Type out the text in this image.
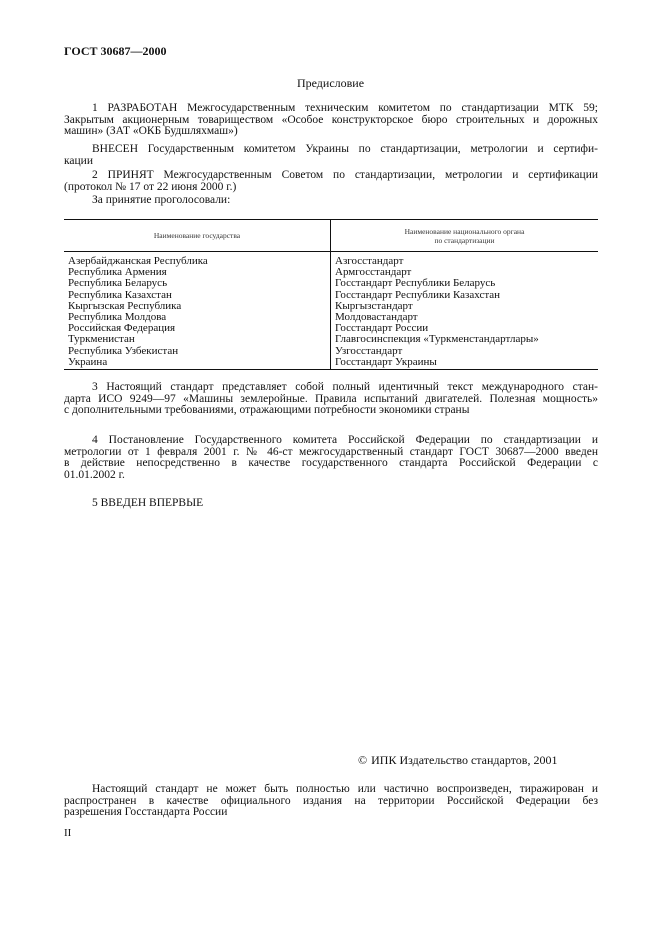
ГОСТ 30687—2000
Предисловие

1 РАЗРАБОТАН Межгосударственным техническим комитетом по стандартизации МТК 59;

Закрытым акционерным товариществом «Особое конструкторское бюро строительных и дорожных
машин» (ЗАТ «ОКБ Будшляхмаш»)

ВНЕСЕН Государственным комитетом Украины по стандартизации, метрологии и сертифи-

кации

2 ПРИНЯТ Межгосударственным Советом по стандартизации, метрологии и сертификации

(протокол № 17 от 22 июня 2000 г.)
За принятие проголосовали:
Наименование государства	Наименование национального органа
по стандартизации
Азербайджанская Республика	Азгосстандарт
Республика Армения	Армгосстандарт
Республика Беларусь	Госстандарт Республики Беларусь
Республика Казахстан	Госстандарт Республики Казахстан
Кыргызская Республика	Кыргызстандарт
Республика Молдова	Молдовастандарт
Российская Федерация	Госстандарт России
Туркменистан	Главгосинспекция «Туркменстандартлары»
Республика Узбекистан	Узгосстандарт
Украина	Госстандарт Украины

3 Настоящий стандарт представляет собой полный идентичный текст международного стан-

дарта ИСО 9249—97 «Машины землеройные. Правила испытаний двигателей. Полезная мощность»
с дополнительными требованиями, отражающими потребности экономики страны

4 Постановление Государственного комитета Российской Федерации по стандартизации и

метрологии от 1 февраля 2001 г. № 46-ст межгосударственный стандарт ГОСТ 30687—2000 введен
в действие непосредственно в качестве государственного стандарта Российской Федерации с
01.01.2002 г.

5 ВВЕДЕН ВПЕРВЫЕ

© ИПК Издательство стандартов, 2001

Настоящий стандарт не может быть полностью или частично воспроизведен, тиражирован и

распространен в качестве официального издания на территории Российской Федерации без
разрешения Госстандарта России
II
